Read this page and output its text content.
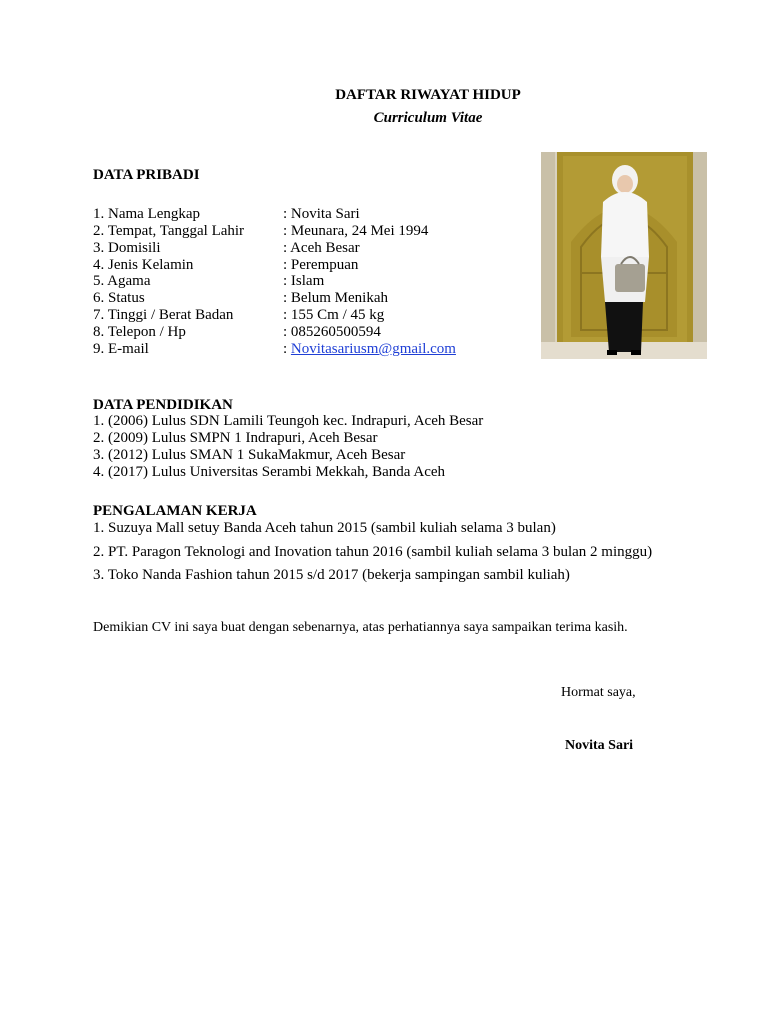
DAFTAR RIWAYAT HIDUP
Curriculum Vitae
DATA PRIBADI
1. Nama Lengkap	: Novita Sari
2. Tempat, Tanggal Lahir	: Meunara, 24 Mei 1994
3. Domisili	: Aceh Besar
4. Jenis Kelamin	: Perempuan
5. Agama	: Islam
6. Status	: Belum Menikah
7. Tinggi / Berat Badan	: 155 Cm / 45 kg
8. Telepon / Hp	: 085260500594
9. E-mail	: Novitasariusm@gmail.com
DATA PENDIDIKAN
1. (2006) Lulus SDN Lamili Teungoh kec. Indrapuri, Aceh Besar
2. (2009) Lulus SMPN 1 Indrapuri, Aceh Besar
3. (2012) Lulus SMAN 1 SukaMakmur, Aceh Besar
4. (2017) Lulus Universitas Serambi Mekkah, Banda Aceh
PENGALAMAN KERJA
1. Suzuya Mall setuy Banda Aceh tahun 2015 (sambil kuliah selama 3 bulan)
2. PT. Paragon Teknologi and Inovation tahun 2016 (sambil kuliah selama 3 bulan 2 minggu)
3. Toko Nanda Fashion tahun 2015 s/d 2017 (bekerja sampingan sambil kuliah)
Demikian CV ini saya buat dengan sebenarnya, atas perhatiannya saya sampaikan terima kasih.
Hormat saya,
Novita Sari
